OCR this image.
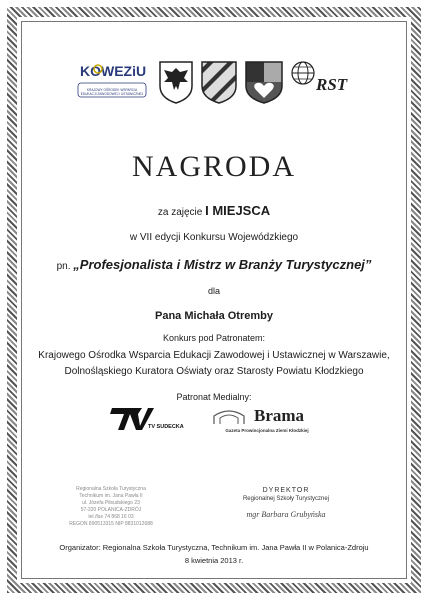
KOWEZiU
KRAJOWY OŚRODEK WSPARCIA
EDUKACJI ZAWODOWEJ I USTAWICZNEJ	RST
NAGRODA
za zajęcie I MIEJSCA
w VII edycji Konkursu Wojewódzkiego
pn. „Profesjonalista i Mistrz w Branży Turystycznej”
dla
Pana Michała Otremby
Konkurs pod Patronatem:
Krajowego Ośrodka Wsparcia Edukacji Zawodowej i Ustawicznej w Warszawie,
Dolnośląskiego Kuratora Oświaty oraz Starosty Powiatu Kłodzkiego
Patronat Medialny:
TV SUDECKA
Brama
Gazeta Prowincjonalna Ziemi Kłodzkiej
Regionalna Szkoła Turystyczna
Technikum im. Jana Pawła II
ul. Józefa Piłsudskiego 23
57-320 POLANICA-ZDRÓJ
tel./fax 74 868 16 03
REGON 890513315 NIP 8831012688
DYREKTOR
Regionalnej Szkoły Turystycznej
mgr Barbara Grubyńska
Organizator: Regionalna Szkoła Turystyczna, Technikum im. Jana Pawła II w Polanica-Zdroju
8 kwietnia 2013 r.
